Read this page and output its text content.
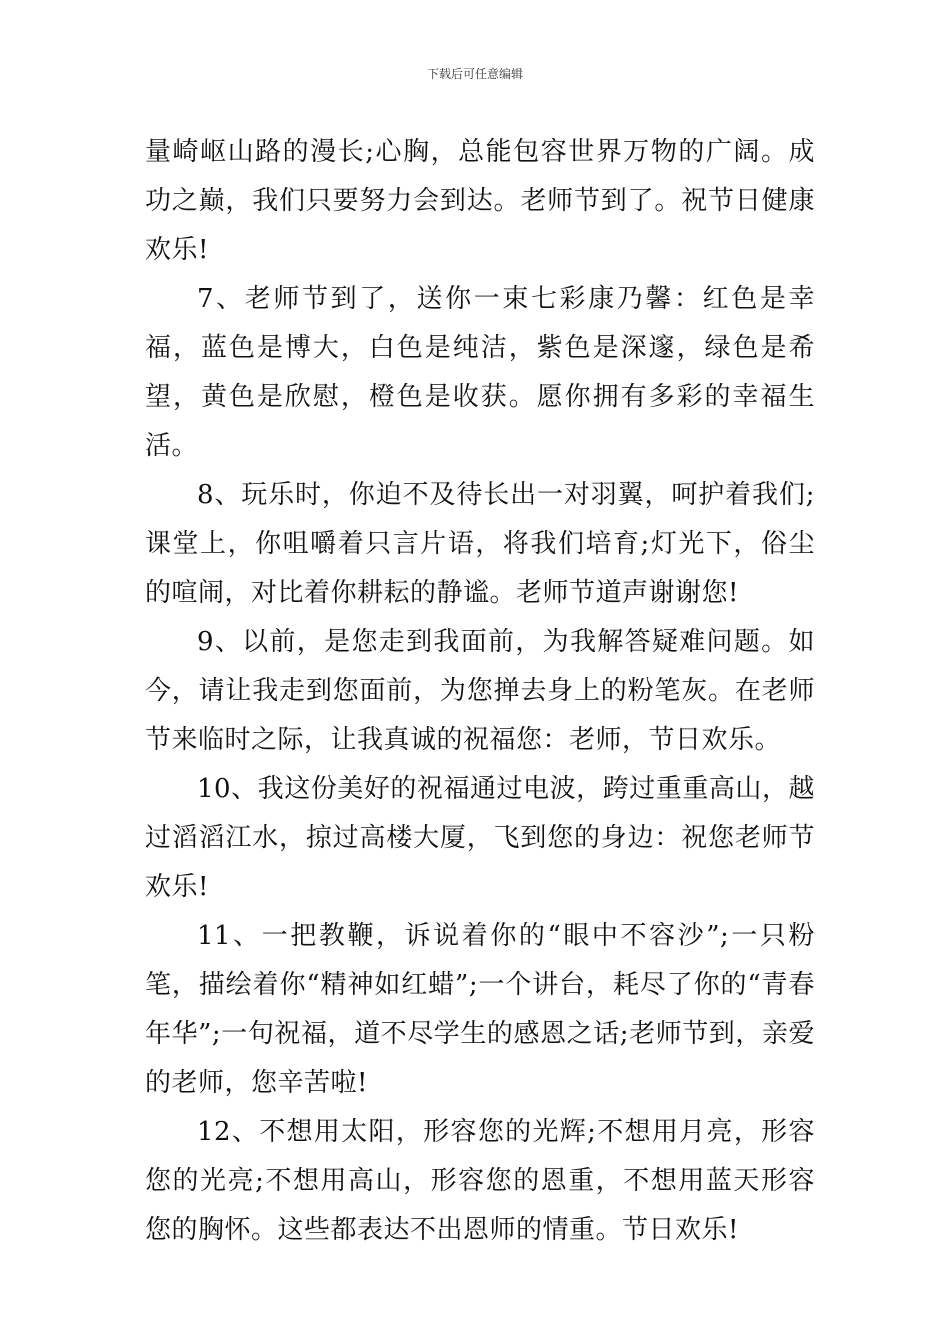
下载后可任意编辑

量崎岖山路的漫长;心胸，总能包容世界万物的广阔。成功之巅，我们只要努力会到达。老师节到了。祝节日健康欢乐!

7、老师节到了，送你一束七彩康乃馨：红色是幸福，蓝色是博大，白色是纯洁，紫色是深邃，绿色是希望，黄色是欣慰，橙色是收获。愿你拥有多彩的幸福生活。

8、玩乐时，你迫不及待长出一对羽翼，呵护着我们;课堂上，你咀嚼着只言片语，将我们培育;灯光下，俗尘的喧闹，对比着你耕耘的静谧。老师节道声谢谢您!

9、以前，是您走到我面前，为我解答疑难问题。如今，请让我走到您面前，为您掸去身上的粉笔灰。在老师节来临时之际，让我真诚的祝福您：老师，节日欢乐。

10、我这份美好的祝福通过电波，跨过重重高山，越过滔滔江水，掠过高楼大厦，飞到您的身边：祝您老师节欢乐!

11、一把教鞭，诉说着你的“眼中不容沙”;一只粉笔，描绘着你“精神如红蜡”;一个讲台，耗尽了你的“青春年华”;一句祝福，道不尽学生的感恩之话;老师节到，亲爱的老师，您辛苦啦!

12、不想用太阳，形容您的光辉;不想用月亮，形容您的光亮;不想用高山，形容您的恩重，不想用蓝天形容您的胸怀。这些都表达不出恩师的情重。节日欢乐!
